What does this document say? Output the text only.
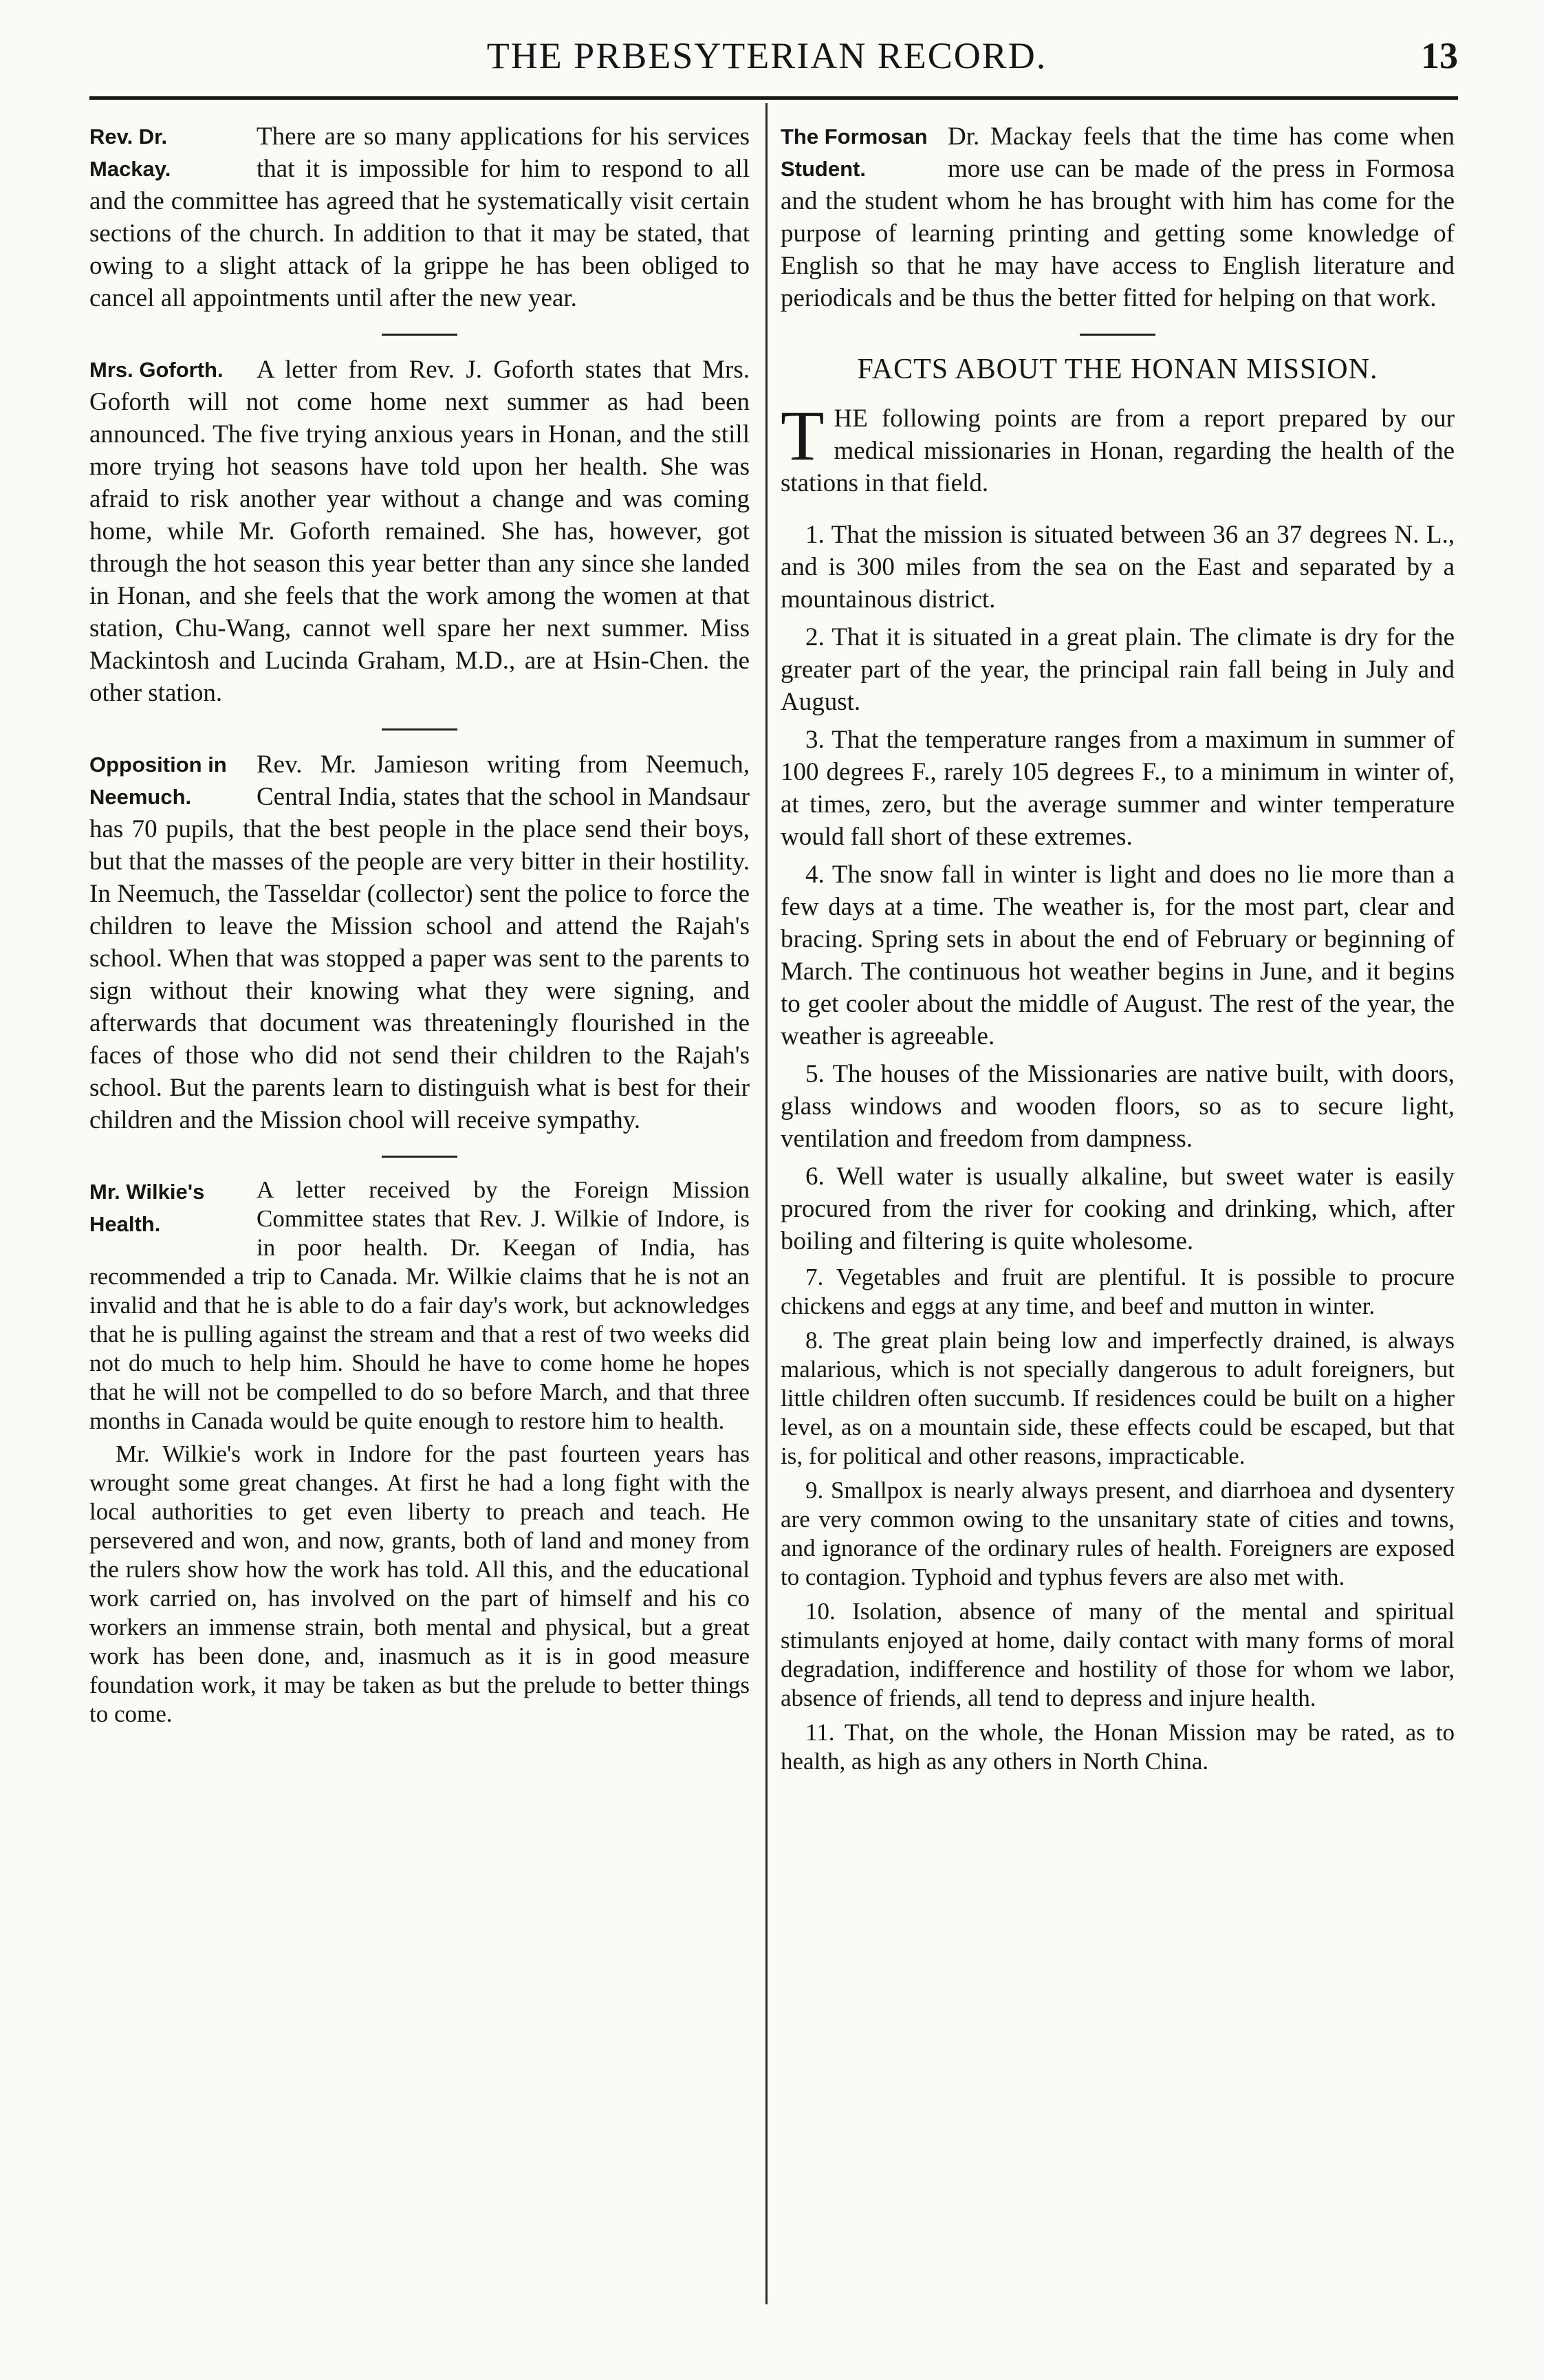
THE PRBESYTERIAN RECORD.	13
Rev. Dr. Mackay.

There are so many applications for his services that it is impossible for him to respond to all and the committee has agreed that he systematically visit certain sections of the church. In addition to that it may be stated, that owing to a slight attack of la grippe he has been obliged to cancel all appointments until after the new year.

Mrs. Goforth.	A letter from Rev. J. Goforth states that Mrs. Goforth will not come home next summer as had been announced. The five trying anxious years in Honan, and the still more trying hot seasons have told upon her health. She was afraid to risk another year without a change and was coming home, while Mr. Goforth remained. She has, however, got through the hot season this year better than any since she landed in Honan, and she feels that the work among the women at that station, Chu-Wang, cannot well spare her next summer. Miss Mackintosh and Lucinda Graham, M.D., are at Hsin-Chen. the other station.

Opposition in Neemuch.

Rev. Mr. Jamieson writing from Neemuch, Central India, states that the school in Mandsaur has 70 pupils, that the best people in the place send their boys, but that the masses of the people are very bitter in their hostility. In Neemuch, the Tasseldar (collector) sent the police to force the children to leave the Mission school and attend the Rajah's school. When that was stopped a paper was sent to the parents to sign without their knowing what they were signing, and afterwards that document was threateningly flourished in the faces of those who did not send their children to the Rajah's school. But the parents learn to distinguish what is best for their children and the Mission chool will receive sympathy.

Mr. Wilkie's Health.

A letter received by the Foreign Mission Committee states that Rev. J. Wilkie of Indore, is in poor health. Dr. Keegan of India, has recommended a trip to Canada. Mr. Wilkie claims that he is not an invalid and that he is able to do a fair day's work, but acknowledges that he is pulling against the stream and that a rest of two weeks did not do much to help him. Should he have to come home he hopes that he will not be compelled to do so before March, and that three months in Canada would be quite enough to restore him to health.

Mr. Wilkie's work in Indore for the past fourteen years has wrought some great changes. At first he had a long fight with the local authorities to get even liberty to preach and teach. He persevered and won, and now, grants, both of land and money from the rulers show how the work has told. All this, and the educational work carried on, has involved on the part of himself and his co workers an immense strain, both mental and physical, but a great work has been done, and, inasmuch as it is in good measure foundation work, it may be taken as but the prelude to better things to come.

The Formosan Student.

Dr. Mackay feels that the time has come when more use can be made of the press in Formosa and the student whom he has brought with him has come for the purpose of learning printing and getting some knowledge of English so that he may have access to English literature and periodicals and be thus the better fitted for helping on that work.

FACTS ABOUT THE HONAN MISSION.
T HE following points are from a report prepared by our medical missionaries in Honan, regarding the health of the stations in that field.

1. That the mission is situated between 36 an 37 degrees N. L., and is 300 miles from the sea on the East and separated by a mountainous district.

2. That it is situated in a great plain. The climate is dry for the greater part of the year, the principal rain fall being in July and August.

3. That the temperature ranges from a maximum in summer of 100 degrees F., rarely 105 degrees F., to a minimum in winter of, at times, zero, but the average summer and winter temperature would fall short of these extremes.

4. The snow fall in winter is light and does no lie more than a few days at a time. The weather is, for the most part, clear and bracing. Spring sets in about the end of February or beginning of March. The continuous hot weather begins in June, and it begins to get cooler about the middle of August. The rest of the year, the weather is agreeable.

5. The houses of the Missionaries are native built, with doors, glass windows and wooden floors, so as to secure light, ventilation and freedom from dampness.

6. Well water is usually alkaline, but sweet water is easily procured from the river for cooking and drinking, which, after boiling and filtering is quite wholesome.

7. Vegetables and fruit are plentiful. It is possible to procure chickens and eggs at any time, and beef and mutton in winter.

8. The great plain being low and imperfectly drained, is always malarious, which is not specially dangerous to adult foreigners, but little children often succumb. If residences could be built on a higher level, as on a mountain side, these effects could be escaped, but that is, for political and other reasons, impracticable.

9. Smallpox is nearly always present, and diarrhoea and dysentery are very common owing to the unsanitary state of cities and towns, and ignorance of the ordinary rules of health. Foreigners are exposed to contagion. Typhoid and typhus fevers are also met with.

10. Isolation, absence of many of the mental and spiritual stimulants enjoyed at home, daily contact with many forms of moral degradation, indifference and hostility of those for whom we labor, absence of friends, all tend to depress and injure health.

11. That, on the whole, the Honan Mission may be rated, as to health, as high as any others in North China.
